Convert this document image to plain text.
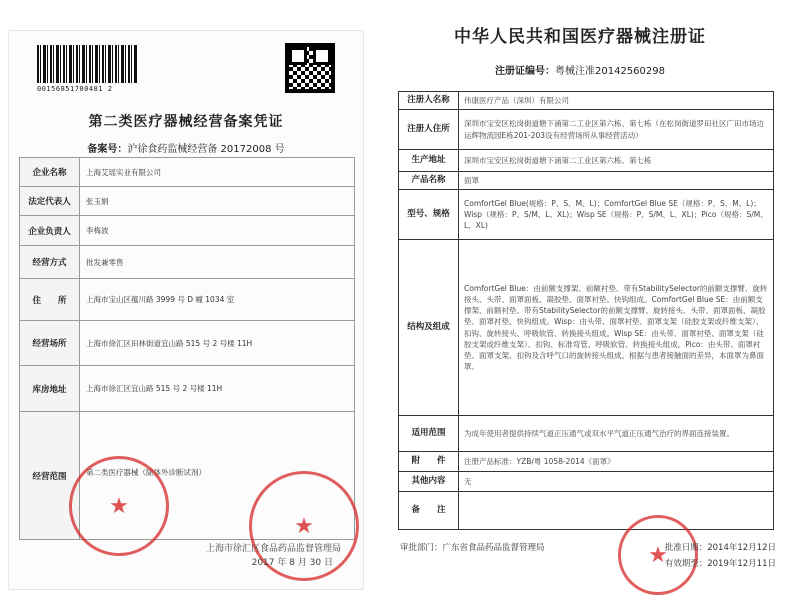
00156851700481 2
第二类医疗器械经营备案凭证
备案号：沪徐食药监械经营备 20172008 号
企业名称	上海艾瑶实业有限公司
法定代表人	张玉娟
企业负责人	李梅波
经营方式	批发兼零售
住　　所	上海市宝山区蕴川路 3999 号 D 幢 1034 室
经营场所	上海市徐汇区田林街道宜山路 515 号 2 号楼 11H
库房地址	上海市徐汇区宜山路 515 号 2 号楼 11H
经营范围	第二类医疗器械（除体外诊断试剂）
★
★
上海市徐汇区食品药品监督管理局
2017 年 8 月 30 日
中华人民共和国医疗器械注册证
注册证编号：粤械注准20142560298
注册人名称	伟康医疗产品（深圳）有限公司
注册人住所	深圳市宝安区松岗街道塘下涌第二工业区第六栋、第七栋（在松岗街道罗田社区广田市场边运辉物流园E栋201-203设有经营场所从事经营活动）
生产地址	深圳市宝安区松岗街道塘下涌第二工业区第六栋、第七栋
产品名称	面罩
型号、规格	ComfortGel Blue(规格：P、S、M、L)；ComfortGel Blue SE（规格：P、S、M、L)；Wisp（规格：P、S/M、L、XL)；Wisp SE（规格：P、S/M、L、XL)；Pico（规格：S/M、L、XL)
结构及组成	ComfortGel Blue：由前额支撑架、前额衬垫、带有StabilitySelector的前额支撑臂、旋转接头、头带、面罩面板、凝胶垫、面罩衬垫、快钩组成。ComfortGel Blue SE：由前额支撑架、前额衬垫、带有StabilitySelector的前额支撑臂、旋转接头、头带、面罩面板、凝胶垫、面罩衬垫、快钩组成。Wisp：由头带、面罩衬垫、面罩支架（硅胶支架或纤维支架）、扣钩、旋转接头、呼吸软管、转换接头组成。Wisp SE：由头带、面罩衬垫、面罩支架（硅胶支架或纤维支架）、扣钩、标准弯管、呼吸软管、转换接头组成。Pico：由头带、面罩衬垫、面罩支架、扣钩及含呼气口的旋转接头组成。根据与患者接触面的差异，本面罩为鼻面罩。
适用范围	为成年使用者提供持续气道正压通气或双水平气道正压通气治疗的界面连接装置。
附　　件	注册产品标准：YZB/粤 1058-2014《面罩》
其他内容	无
备　　注	
★
审批部门：广东省食品药品监督管理局	批准日期：2014年12月12日
有效期至：2019年12月11日
